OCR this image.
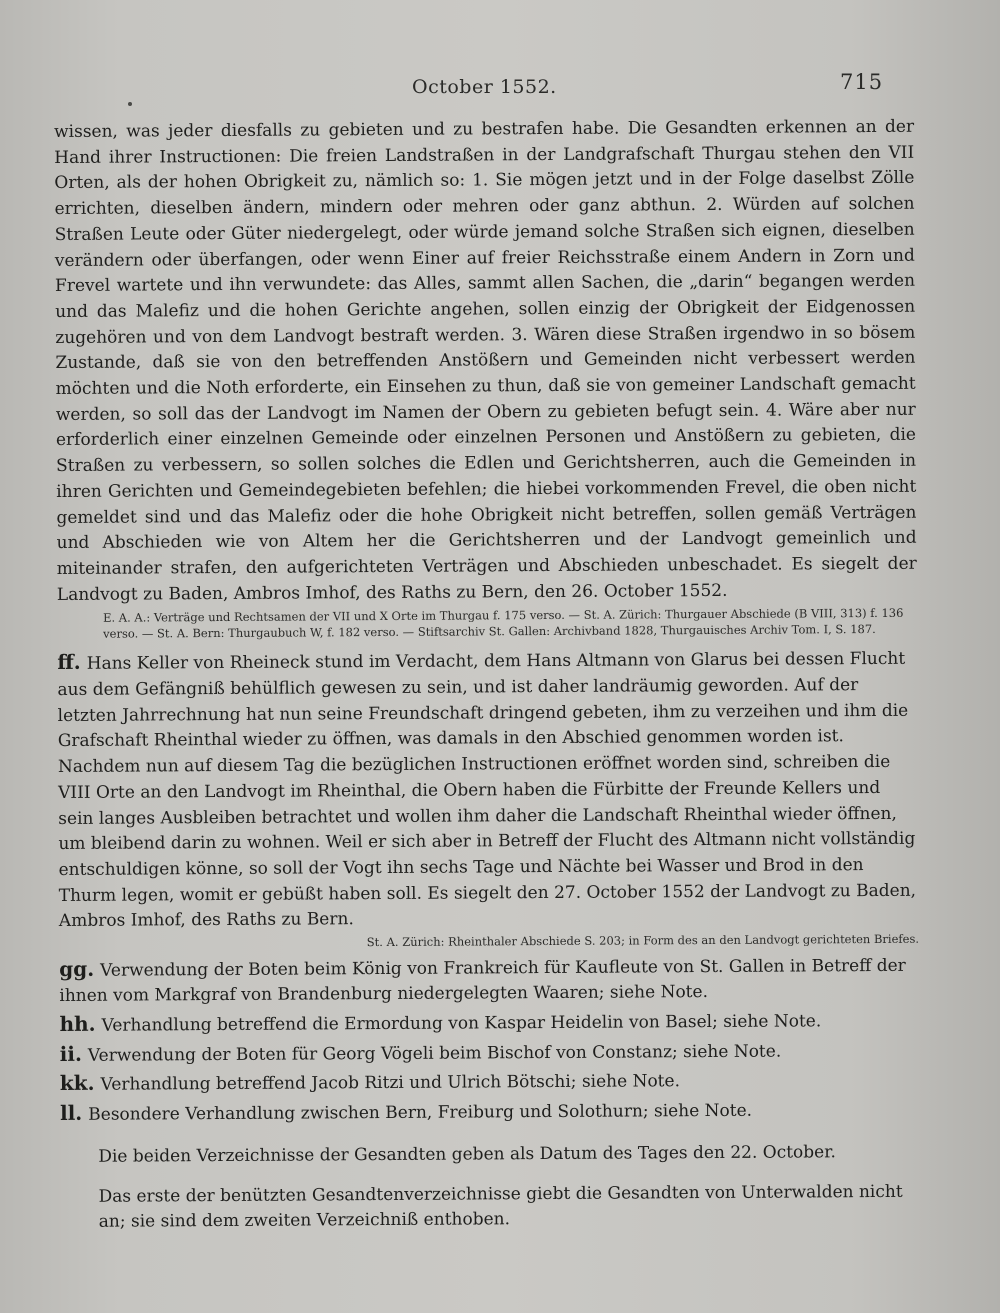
October 1552.	715

wissen, was jeder diesfalls zu gebieten und zu bestrafen habe. Die Gesandten erkennen an der Hand ihrer Instructionen: Die freien Landstraßen in der Landgrafschaft Thurgau stehen den VII Orten, als der hohen Obrigkeit zu, nämlich so: 1. Sie mögen jetzt und in der Folge daselbst Zölle errichten, dieselben ändern, mindern oder mehren oder ganz abthun. 2. Würden auf solchen Straßen Leute oder Güter niedergelegt, oder würde jemand solche Straßen sich eignen, dieselben verändern oder überfangen, oder wenn Einer auf freier Reichsstraße einem Andern in Zorn und Frevel wartete und ihn verwundete: das Alles, sammt allen Sachen, die „darin“ begangen werden und das Malefiz und die hohen Gerichte angehen, sollen einzig der Obrigkeit der Eidgenossen zugehören und von dem Landvogt bestraft werden. 3. Wären diese Straßen irgendwo in so bösem Zustande, daß sie von den betreffenden Anstößern und Gemeinden nicht verbessert werden möchten und die Noth erforderte, ein Einsehen zu thun, daß sie von gemeiner Landschaft gemacht werden, so soll das der Landvogt im Namen der Obern zu gebieten befugt sein. 4. Wäre aber nur erforderlich einer einzelnen Gemeinde oder einzelnen Personen und Anstößern zu gebieten, die Straßen zu verbessern, so sollen solches die Edlen und Gerichtsherren, auch die Gemeinden in ihren Gerichten und Gemeindegebieten befehlen; die hiebei vorkommenden Frevel, die oben nicht gemeldet sind und das Malefiz oder die hohe Obrigkeit nicht betreffen, sollen gemäß Verträgen und Abschieden wie von Altem her die Gerichtsherren und der Landvogt gemeinlich und miteinander strafen, den aufgerichteten Verträgen und Abschieden unbeschadet. Es siegelt der Landvogt zu Baden, Ambros Imhof, des Raths zu Bern, den 26. October 1552.

E. A. A.: Verträge und Rechtsamen der VII und X Orte im Thurgau f. 175 verso. — St. A. Zürich: Thurgauer Abschiede (B VIII, 313) f. 136 verso. — St. A. Bern: Thurgaubuch W, f. 182 verso. — Stiftsarchiv St. Gallen: Archivband 1828, Thurgauisches Archiv Tom. I, S. 187.

ff. Hans Keller von Rheineck stund im Verdacht, dem Hans Altmann von Glarus bei dessen Flucht aus dem Gefängniß behülflich gewesen zu sein, und ist daher landräumig geworden. Auf der letzten Jahrrechnung hat nun seine Freundschaft dringend gebeten, ihm zu verzeihen und ihm die Grafschaft Rheinthal wieder zu öffnen, was damals in den Abschied genommen worden ist. Nachdem nun auf diesem Tag die bezüglichen Instructionen eröffnet worden sind, schreiben die VIII Orte an den Landvogt im Rheinthal, die Obern haben die Fürbitte der Freunde Kellers und sein langes Ausbleiben betrachtet und wollen ihm daher die Landschaft Rheinthal wieder öffnen, um bleibend darin zu wohnen. Weil er sich aber in Betreff der Flucht des Altmann nicht vollständig entschuldigen könne, so soll der Vogt ihn sechs Tage und Nächte bei Wasser und Brod in den Thurm legen, womit er gebüßt haben soll. Es siegelt den 27. October 1552 der Landvogt zu Baden, Ambros Imhof, des Raths zu Bern.

St. A. Zürich: Rheinthaler Abschiede S. 203; in Form des an den Landvogt gerichteten Briefes.

gg. Verwendung der Boten beim König von Frankreich für Kaufleute von St. Gallen in Betreff der ihnen vom Markgraf von Brandenburg niedergelegten Waaren; siehe Note.

hh. Verhandlung betreffend die Ermordung von Kaspar Heidelin von Basel; siehe Note.

ii. Verwendung der Boten für Georg Vögeli beim Bischof von Constanz; siehe Note.

kk. Verhandlung betreffend Jacob Ritzi und Ulrich Bötschi; siehe Note.

ll. Besondere Verhandlung zwischen Bern, Freiburg und Solothurn; siehe Note.

Die beiden Verzeichnisse der Gesandten geben als Datum des Tages den 22. October.

Das erste der benützten Gesandtenverzeichnisse giebt die Gesandten von Unterwalden nicht an; sie sind dem zweiten Verzeichniß enthoben.
